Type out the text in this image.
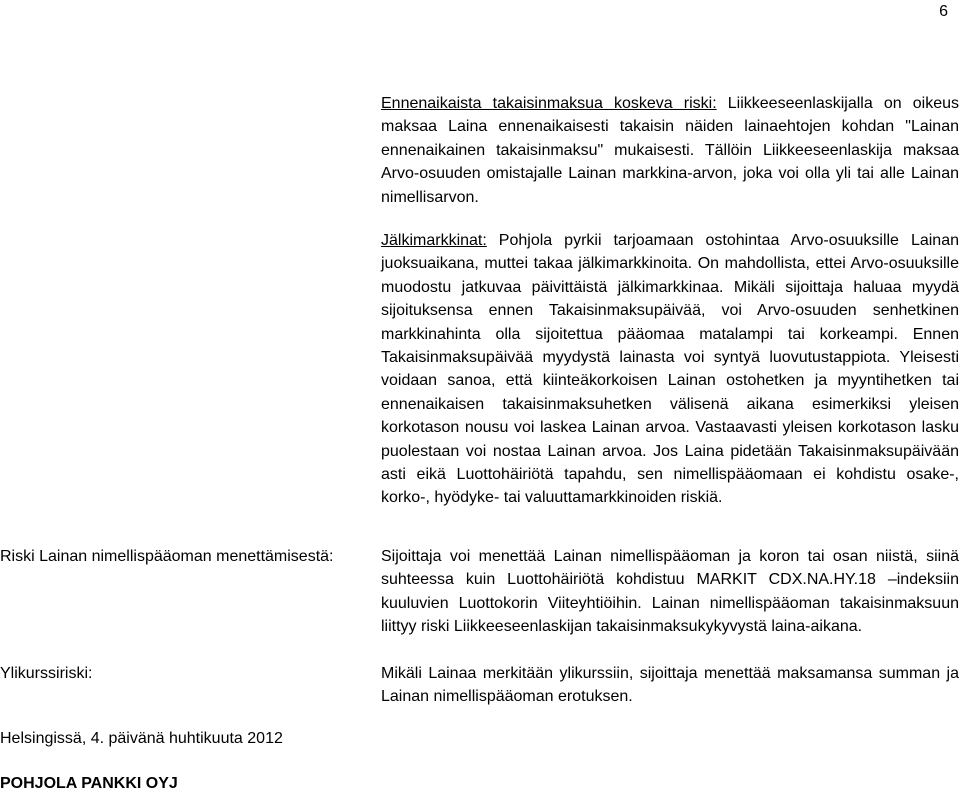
6
Ennenaikaista takaisinmaksua koskeva riski: Liikkeeseenlaskijalla on oikeus maksaa Laina ennenaikaisesti takaisin näiden lainaehtojen kohdan "Lainan ennenaikainen takaisinmaksu" mukaisesti. Tällöin Liikkeeseenlaskija maksaa Arvo-osuuden omistajalle Lainan markkina-arvon, joka voi olla yli tai alle Lainan nimellisarvon.
Jälkimarkkinat: Pohjola pyrkii tarjoamaan ostohintaa Arvo-osuuksille Lainan juoksuaikana, muttei takaa jälkimarkkinoita. On mahdollista, ettei Arvo-osuuksille muodostu jatkuvaa päivittäistä jälkimarkkinaa. Mikäli sijoittaja haluaa myydä sijoituksensa ennen Takaisinmaksupäivää, voi Arvo-osuuden senhetkinen markkinahinta olla sijoitettua pääomaa matalampi tai korkeampi. Ennen Takaisinmaksupäivää myydystä lainasta voi syntyä luovutustappiota. Yleisesti voidaan sanoa, että kiinteäkorkoisen Lainan ostohetken ja myyntihetken tai ennenaikaisen takaisinmaksuhetken välisenä aikana esimerkiksi yleisen korkotason nousu voi laskea Lainan arvoa. Vastaavasti yleisen korkotason lasku puolestaan voi nostaa Lainan arvoa. Jos Laina pidetään Takaisinmaksupäivään asti eikä Luottohäiriötä tapahdu, sen nimellispääomaan ei kohdistu osake-, korko-, hyödyke- tai valuuttamarkkinoiden riskiä.
Riski Lainan nimellispääoman menettämisestä:	Sijoittaja voi menettää Lainan nimellispääoman ja koron tai osan niistä, siinä suhteessa kuin Luottohäiriötä kohdistuu MARKIT CDX.NA.HY.18 –indeksiin kuuluvien Luottokorin Viiteyhtiöihin. Lainan nimellispääoman takaisinmaksuun liittyy riski Liikkeeseenlaskijan takaisinmaksukykyvystä laina-aikana.
Ylikurssiriski:	Mikäli Lainaa merkitään ylikurssiin, sijoittaja menettää maksamansa summan ja Lainan nimellispääoman erotuksen.
Helsingissä, 4. päivänä huhtikuuta 2012
POHJOLA PANKKI OYJ
